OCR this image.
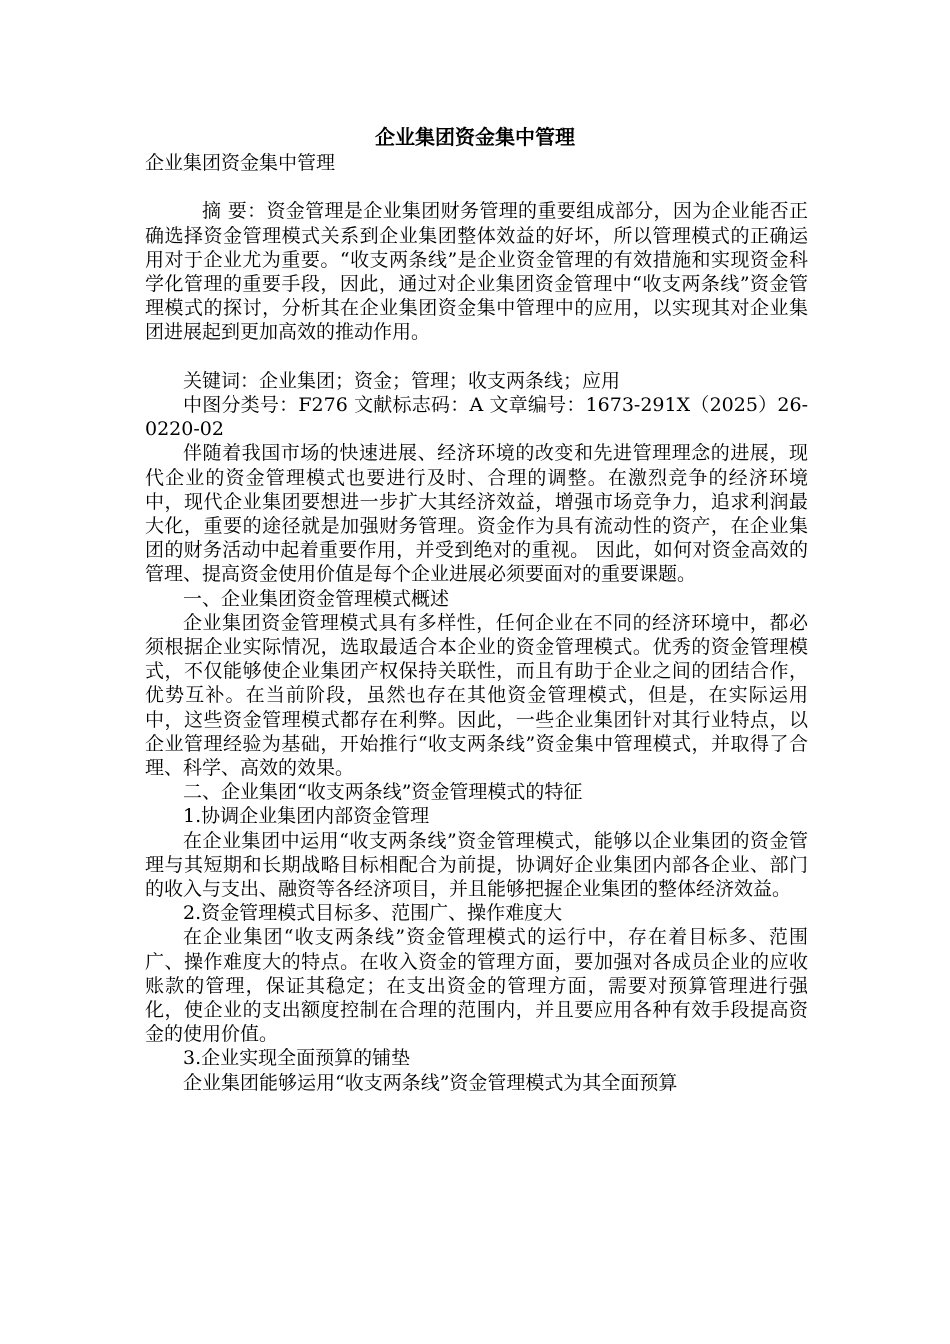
企业集团资金集中管理

企业集团资金集中管理

摘 要：资金管理是企业集团财务管理的重要组成部分，因为企业能否正确选择资金管理模式关系到企业集团整体效益的好坏，所以管理模式的正确运用对于企业尤为重要。“收支两条线”是企业资金管理的有效措施和实现资金科学化管理的重要手段，因此，通过对企业集团资金管理中“收支两条线”资金管理模式的探讨，分析其在企业集团资金集中管理中的应用，以实现其对企业集团进展起到更加高效的推动作用。

关键词：企业集团；资金；管理；收支两条线；应用

中图分类号：F276 文献标志码：A 文章编号：1673-291X（2025）26-0220-02

伴随着我国市场的快速进展、经济环境的改变和先进管理理念的进展，现代企业的资金管理模式也要进行及时、合理的调整。在激烈竞争的经济环境中，现代企业集团要想进一步扩大其经济效益，增强市场竞争力，追求利润最大化，重要的途径就是加强财务管理。资金作为具有流动性的资产，在企业集团的财务活动中起着重要作用，并受到绝对的重视。 因此，如何对资金高效的管理、提高资金使用价值是每个企业进展必须要面对的重要课题。

一、企业集团资金管理模式概述

企业集团资金管理模式具有多样性，任何企业在不同的经济环境中，都必须根据企业实际情况，选取最适合本企业的资金管理模式。优秀的资金管理模式，不仅能够使企业集团产权保持关联性，而且有助于企业之间的团结合作，优势互补。在当前阶段，虽然也存在其他资金管理模式，但是，在实际运用中，这些资金管理模式都存在利弊。因此，一些企业集团针对其行业特点，以企业管理经验为基础，开始推行“收支两条线”资金集中管理模式，并取得了合理、科学、高效的效果。

二、企业集团“收支两条线”资金管理模式的特征

1.协调企业集团内部资金管理

在企业集团中运用“收支两条线”资金管理模式，能够以企业集团的资金管理与其短期和长期战略目标相配合为前提，协调好企业集团内部各企业、部门的收入与支出、融资等各经济项目，并且能够把握企业集团的整体经济效益。

2.资金管理模式目标多、范围广、操作难度大

在企业集团“收支两条线”资金管理模式的运行中，存在着目标多、范围广、操作难度大的特点。在收入资金的管理方面，要加强对各成员企业的应收账款的管理，保证其稳定；在支出资金的管理方面，需要对预算管理进行强化，使企业的支出额度控制在合理的范围内，并且要应用各种有效手段提高资金的使用价值。

3.企业实现全面预算的铺垫

企业集团能够运用“收支两条线”资金管理模式为其全面预算
